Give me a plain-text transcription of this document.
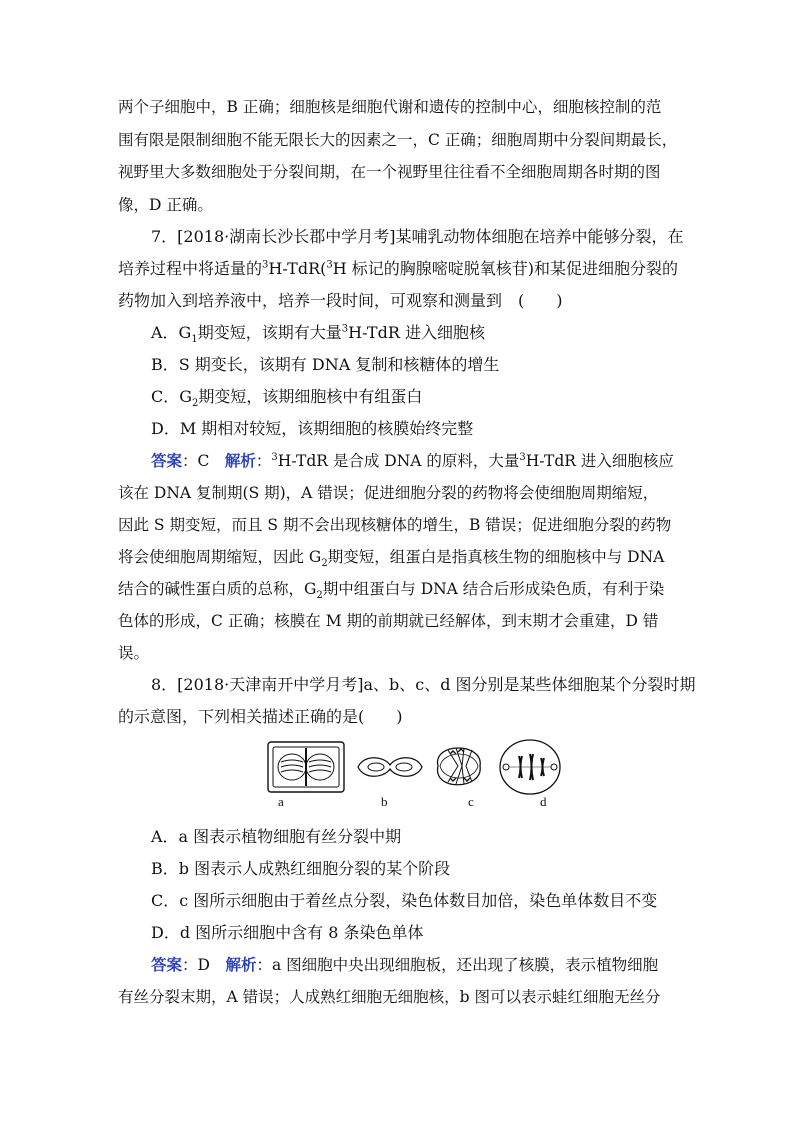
两个子细胞中，B 正确；细胞核是细胞代谢和遗传的控制中心，细胞核控制的范
围有限是限制细胞不能无限长大的因素之一，C 正确；细胞周期中分裂间期最长，
视野里大多数细胞处于分裂间期，在一个视野里往往看不全细胞周期各时期的图
像，D 正确。
7．[2018·湖南长沙长郡中学月考]某哺乳动物体细胞在培养中能够分裂，在
培养过程中将适量的$^3$H-TdR($^3$H 标记的胸腺嘧啶脱氧核苷)和某促进细胞分裂的
药物加入到培养液中，培养一段时间，可观察和测量到　(　　)
A．$G_1$期变短，该期有大量$^3$H-TdR 进入细胞核
B．S 期变长，该期有 DNA 复制和核糖体的增生
C．$G_2$期变短，该期细胞核中有组蛋白
D．M 期相对较短，该期细胞的核膜始终完整
答案：C　解析：$^3$H-TdR 是合成 DNA 的原料，大量$^3$H-TdR 进入细胞核应
该在 DNA 复制期(S 期)，A 错误；促进细胞分裂的药物将会使细胞周期缩短，
因此 S 期变短，而且 S 期不会出现核糖体的增生，B 错误；促进细胞分裂的药物
将会使细胞周期缩短，因此 $G_2$期变短，组蛋白是指真核生物的细胞核中与 DNA
结合的碱性蛋白质的总称，$G_2$期中组蛋白与 DNA 结合后形成染色质，有利于染
色体的形成，C 正确；核膜在 M 期的前期就已经解体，到末期才会重建，D 错
误。
8．[2018·天津南开中学月考]a、b、c、d 图分别是某些体细胞某个分裂时期
的示意图，下列相关描述正确的是(　　)
a	b	c	d
A．a 图表示植物细胞有丝分裂中期
B．b 图表示人成熟红细胞分裂的某个阶段
C．c 图所示细胞由于着丝点分裂，染色体数目加倍，染色单体数目不变
D．d 图所示细胞中含有 8 条染色单体
答案：D　解析：a 图细胞中央出现细胞板，还出现了核膜，表示植物细胞
有丝分裂末期，A 错误；人成熟红细胞无细胞核，b 图可以表示蛙红细胞无丝分
